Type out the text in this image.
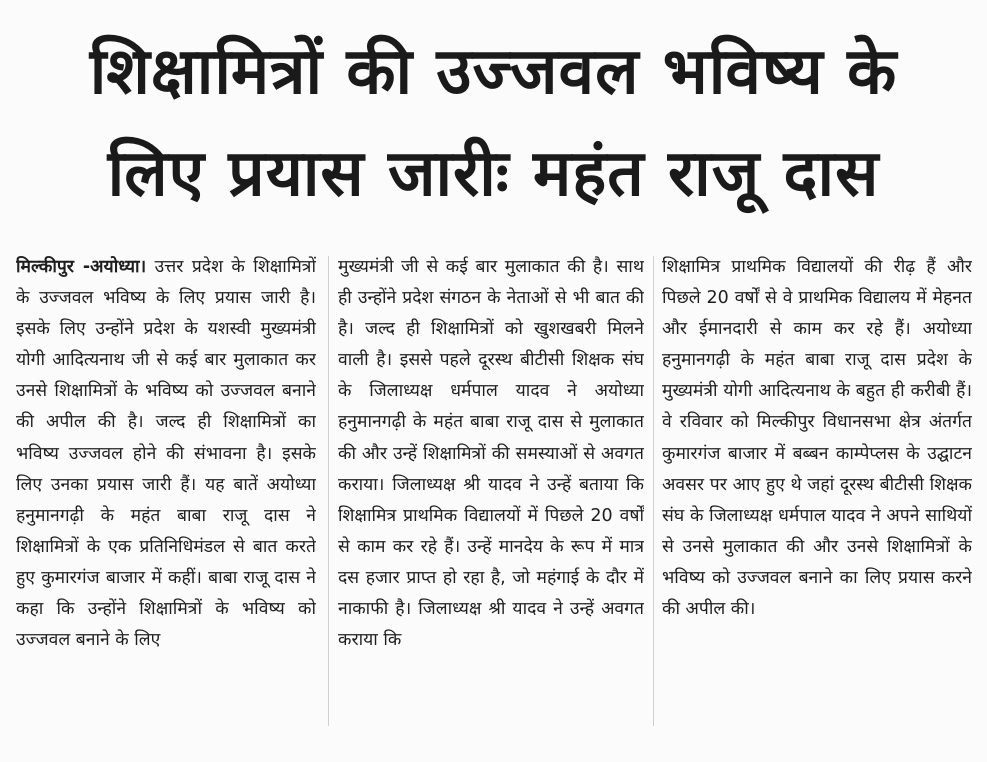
शिक्षामित्रों की उज्जवल भविष्य के
लिए प्रयास जारीः महंत राजू दास
मिल्कीपुर -अयोध्या। उत्तर प्रदेश के शिक्षामित्रों के उज्जवल भविष्य के लिए प्रयास जारी है। इसके लिए उन्होंने प्रदेश के यशस्वी मुख्यमंत्री योगी आदित्यनाथ जी से कई बार मुलाकात कर उनसे शिक्षामित्रों के भविष्य को उज्जवल बनाने की अपील की है। जल्द ही शिक्षामित्रों का भविष्य उज्जवल होने की संभावना है। इसके लिए उनका प्रयास जारी हैं। यह बातें अयोध्या हनुमानगढ़ी के महंत बाबा राजू दास ने शिक्षामित्रों के एक प्रतिनिधिमंडल से बात करते हुए कुमारगंज बाजार में कहीं। बाबा राजू दास ने कहा कि उन्होंने शिक्षामित्रों के भविष्य को उज्जवल बनाने के लिए
मुख्यमंत्री जी से कई बार मुलाकात की है। साथ ही उन्होंने प्रदेश संगठन के नेताओं से भी बात की है। जल्द ही शिक्षामित्रों को खुशखबरी मिलने वाली है। इससे पहले दूरस्थ बीटीसी शिक्षक संघ के जिलाध्यक्ष धर्मपाल यादव ने अयोध्या हनुमानगढ़ी के महंत बाबा राजू दास से मुलाकात की और उन्हें शिक्षामित्रों की समस्याओं से अवगत कराया। जिलाध्यक्ष श्री यादव ने उन्हें बताया कि शिक्षामित्र प्राथमिक विद्यालयों में पिछले 20 वर्षों से काम कर रहे हैं। उन्हें मानदेय के रूप में मात्र दस हजार प्राप्त हो रहा है, जो महंगाई के दौर में नाकाफी है। जिलाध्यक्ष श्री यादव ने उन्हें अवगत कराया कि
शिक्षामित्र प्राथमिक विद्यालयों की रीढ़ हैं और पिछले 20 वर्षों से वे प्राथमिक विद्यालय में मेहनत और ईमानदारी से काम कर रहे हैं। अयोध्या हनुमानगढ़ी के महंत बाबा राजू दास प्रदेश के मुख्यमंत्री योगी आदित्यनाथ के बहुत ही करीबी हैं।वे रविवार को मिल्कीपुर विधानसभा क्षेत्र अंतर्गत कुमारगंज बाजार में बब्बन काम्पेप्लस के उद्घाटन अवसर पर आए हुए थे जहां दूरस्थ बीटीसी शिक्षक संघ के जिलाध्यक्ष धर्मपाल यादव ने अपने साथियों से उनसे मुलाकात की और उनसे शिक्षामित्रों के भविष्य को उज्जवल बनाने का लिए प्रयास करने की अपील की।
